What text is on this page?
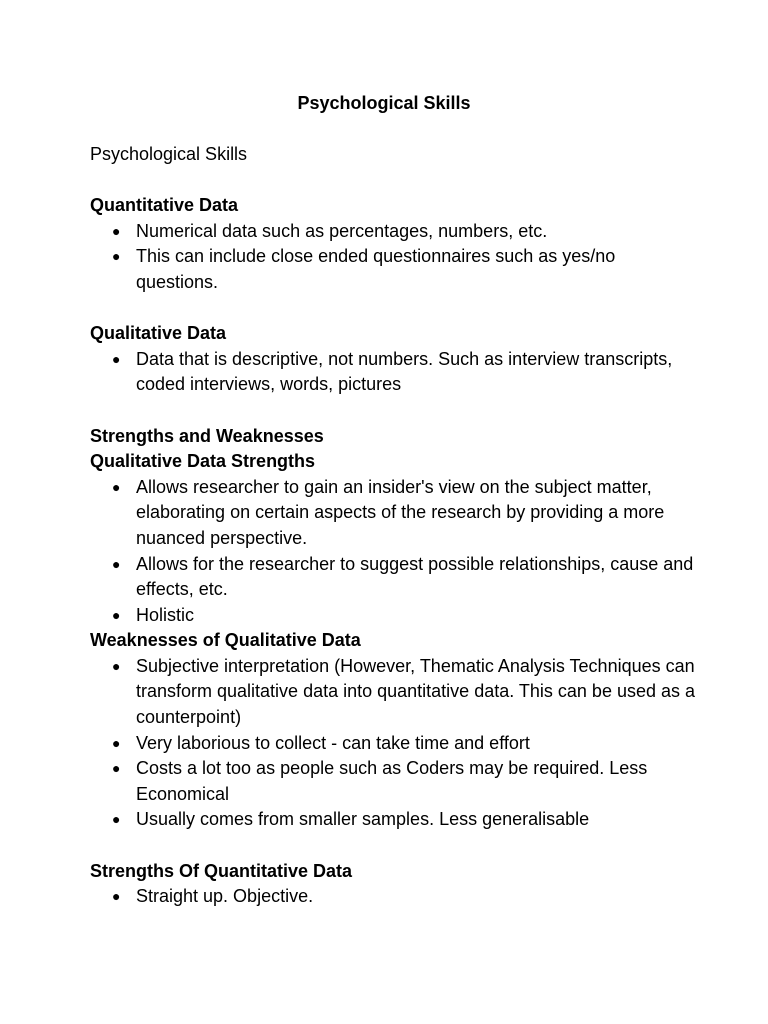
Psychological Skills

Psychological Skills

Quantitative Data

● Numerical data such as percentages, numbers, etc.
● This can include close ended questionnaires such as yes/no questions.

Qualitative Data

● Data that is descriptive, not numbers. Such as interview transcripts, coded interviews, words, pictures

Strengths and Weaknesses

Qualitative Data Strengths

● Allows researcher to gain an insider's view on the subject matter, elaborating on certain aspects of the research by providing a more nuanced perspective.
● Allows for the researcher to suggest possible relationships, cause and effects, etc.
● Holistic

Weaknesses of Qualitative Data

● Subjective interpretation (However, Thematic Analysis Techniques can transform qualitative data into quantitative data. This can be used as a counterpoint)
● Very laborious to collect - can take time and effort
● Costs a lot too as people such as Coders may be required. Less Economical
● Usually comes from smaller samples. Less generalisable

Strengths Of Quantitative Data

● Straight up. Objective.
